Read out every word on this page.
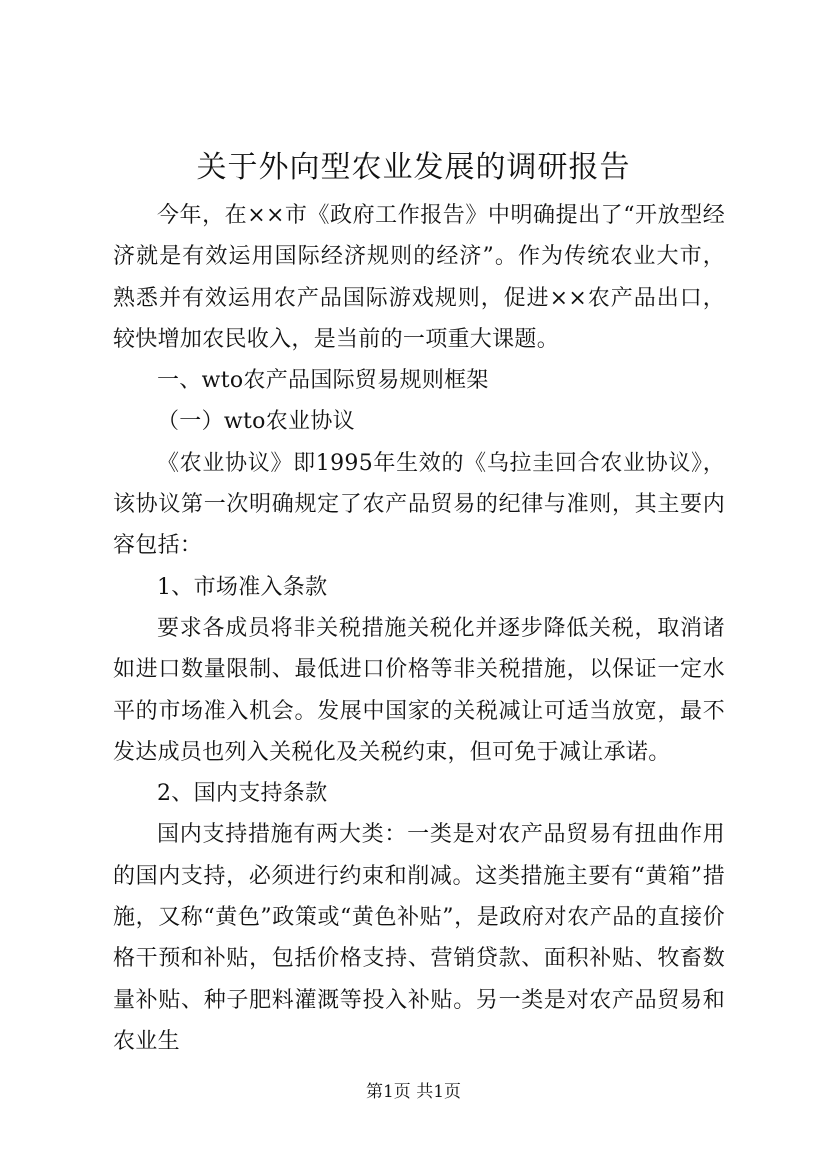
关于外向型农业发展的调研报告

今年，在××市《政府工作报告》中明确提出了“开放型经济就是有效运用国际经济规则的经济”。作为传统农业大市，熟悉并有效运用农产品国际游戏规则，促进××农产品出口，较快增加农民收入，是当前的一项重大课题。

一、wto农产品国际贸易规则框架

（一）wto农业协议

《农业协议》即1995年生效的《乌拉圭回合农业协议》，该协议第一次明确规定了农产品贸易的纪律与准则，其主要内容包括：

1、市场准入条款

要求各成员将非关税措施关税化并逐步降低关税，取消诸如进口数量限制、最低进口价格等非关税措施，以保证一定水平的市场准入机会。发展中国家的关税减让可适当放宽，最不发达成员也列入关税化及关税约束，但可免于减让承诺。

2、国内支持条款

国内支持措施有两大类：一类是对农产品贸易有扭曲作用的国内支持，必须进行约束和削减。这类措施主要有“黄箱”措施，又称“黄色”政策或“黄色补贴”，是政府对农产品的直接价格干预和补贴，包括价格支持、营销贷款、面积补贴、牧畜数量补贴、种子肥料灌溉等投入补贴。另一类是对农产品贸易和农业生

第1页 共1页
